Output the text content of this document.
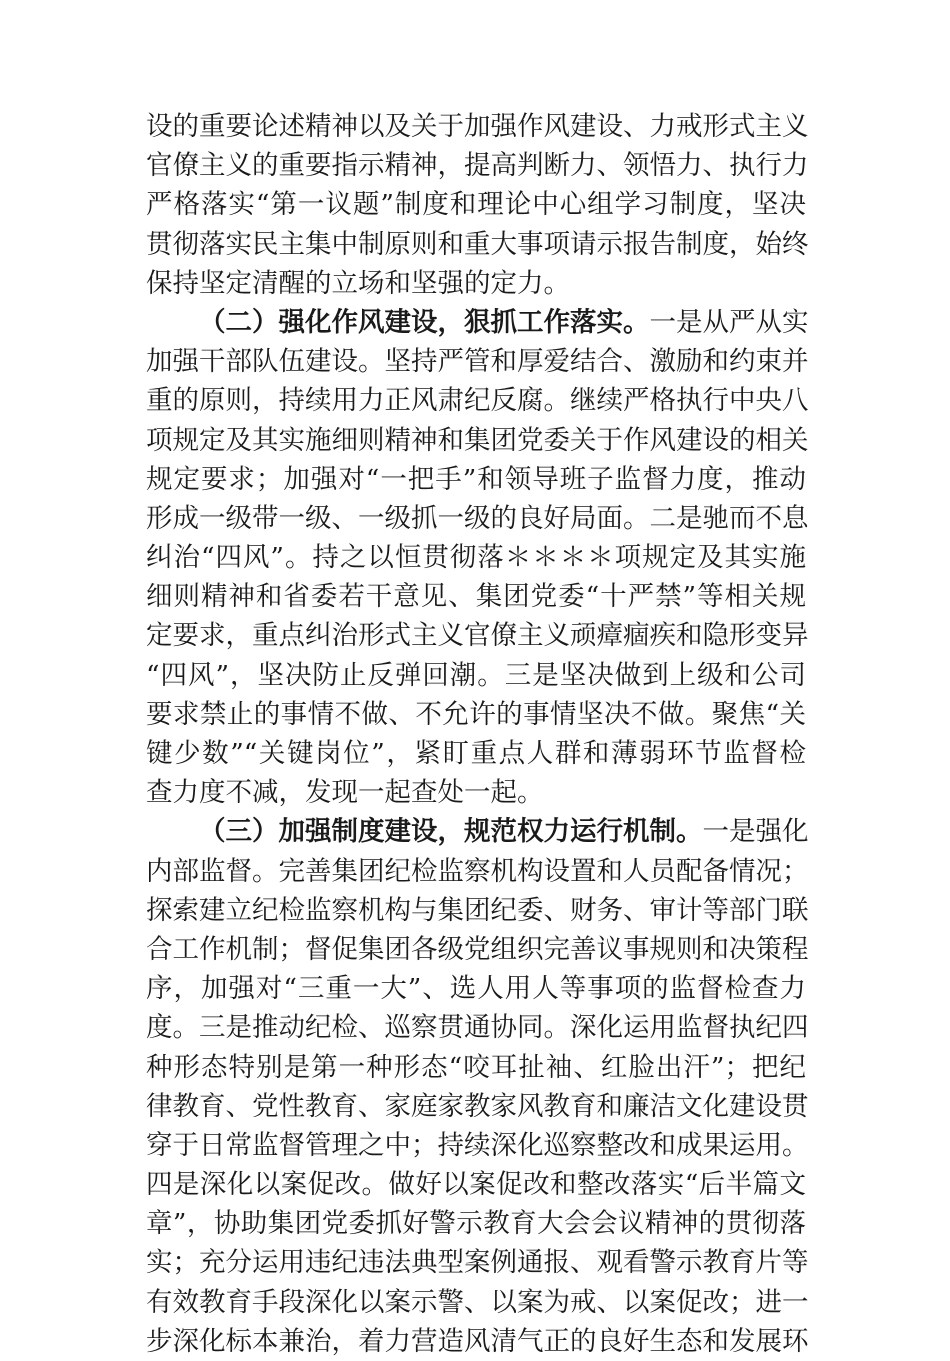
设的重要论述精神以及关于加强作风建设、力戒形式主义
官僚主义的重要指示精神，提高判断力、领悟力、执行力
严格落实“第一议题”制度和理论中心组学习制度，坚决
贯彻落实民主集中制原则和重大事项请示报告制度，始终
保持坚定清醒的立场和坚强的定力。
（二）强化作风建设，狠抓工作落实。一是从严从实
加强干部队伍建设。坚持严管和厚爱结合、激励和约束并
重的原则，持续用力正风肃纪反腐。继续严格执行中央八
项规定及其实施细则精神和集团党委关于作风建设的相关
规定要求；加强对“一把手”和领导班子监督力度，推动
形成一级带一级、一级抓一级的良好局面。二是驰而不息
纠治“四风”。持之以恒贯彻落＊＊＊＊项规定及其实施
细则精神和省委若干意见、集团党委“十严禁”等相关规
定要求，重点纠治形式主义官僚主义顽瘴痼疾和隐形变异
“四风”，坚决防止反弹回潮。三是坚决做到上级和公司
要求禁止的事情不做、不允许的事情坚决不做。聚焦“关
键少数”“关键岗位”，紧盯重点人群和薄弱环节监督检
查力度不减，发现一起查处一起。
（三）加强制度建设，规范权力运行机制。一是强化
内部监督。完善集团纪检监察机构设置和人员配备情况；
探索建立纪检监察机构与集团纪委、财务、审计等部门联
合工作机制；督促集团各级党组织完善议事规则和决策程
序，加强对“三重一大”、选人用人等事项的监督检查力
度。三是推动纪检、巡察贯通协同。深化运用监督执纪四
种形态特别是第一种形态“咬耳扯袖、红脸出汗”；把纪
律教育、党性教育、家庭家教家风教育和廉洁文化建设贯
穿于日常监督管理之中；持续深化巡察整改和成果运用。
四是深化以案促改。做好以案促改和整改落实“后半篇文
章”，协助集团党委抓好警示教育大会会议精神的贯彻落
实；充分运用违纪违法典型案例通报、观看警示教育片等
有效教育手段深化以案示警、以案为戒、以案促改；进一
步深化标本兼治，着力营造风清气正的良好生态和发展环
